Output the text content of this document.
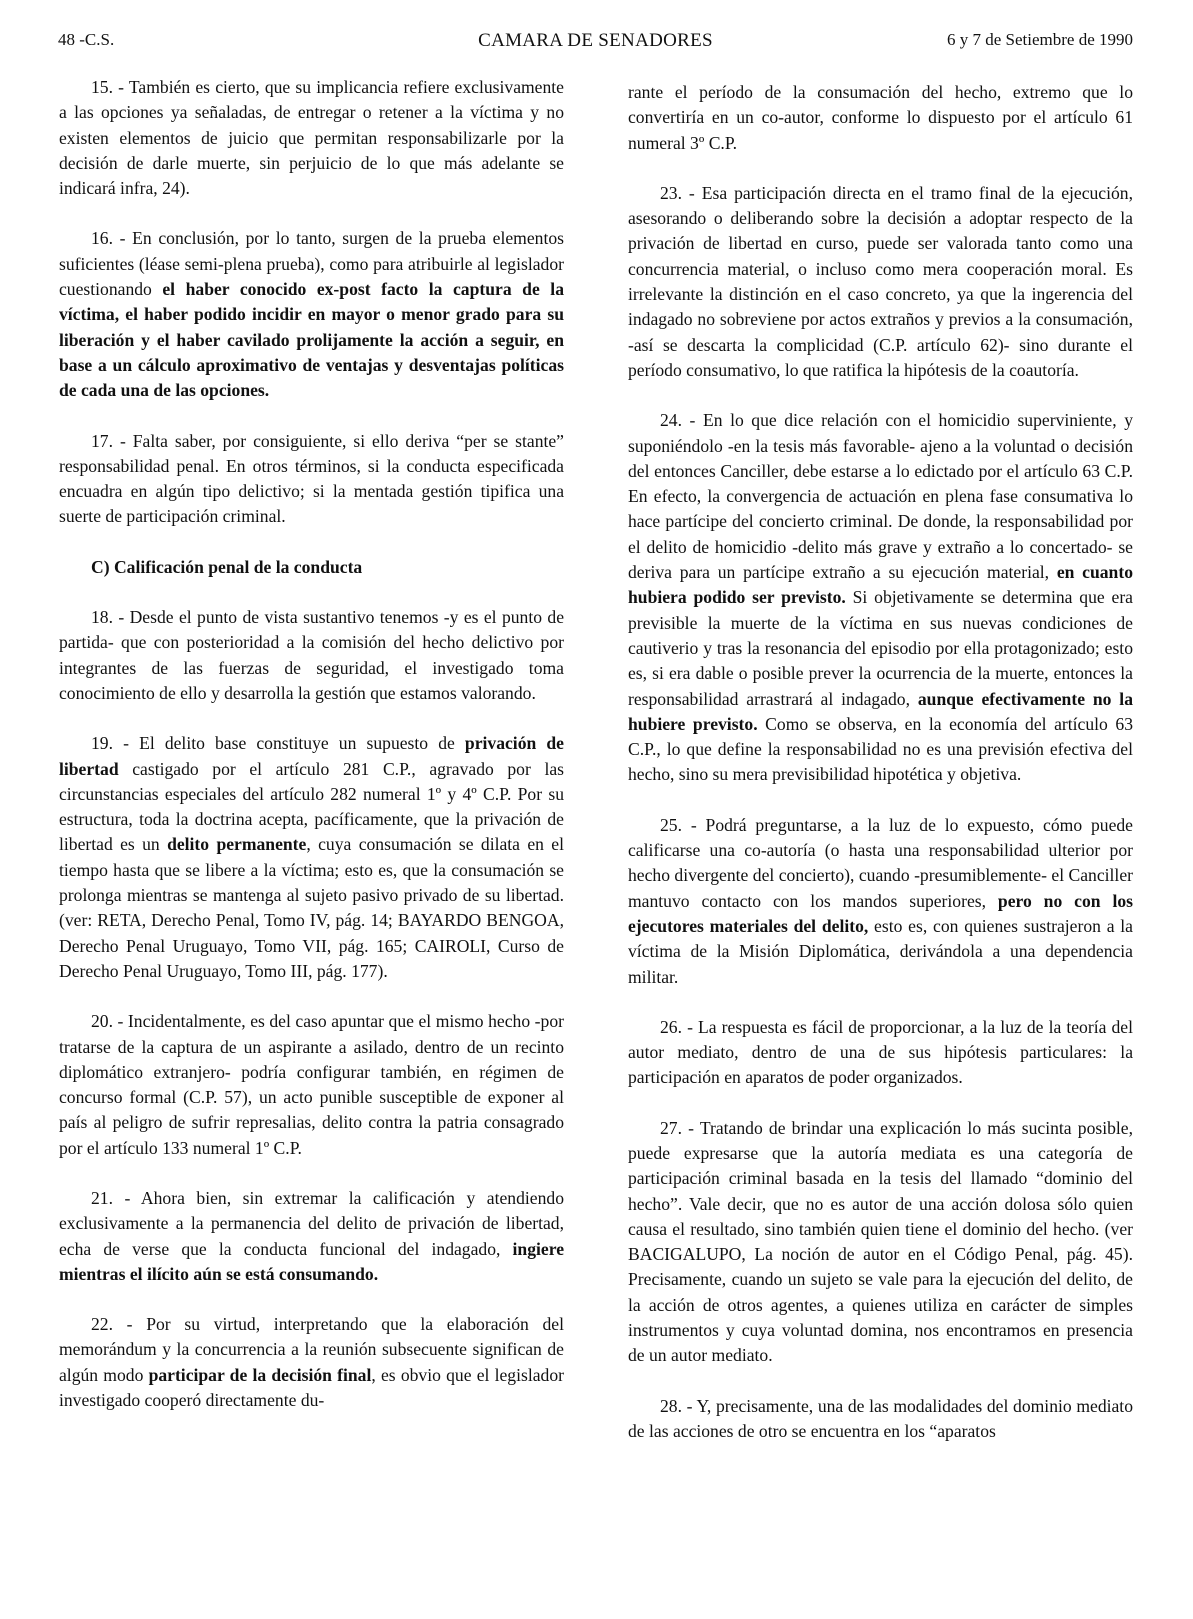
48 -C.S.	CAMARA DE SENADORES	6 y 7 de Setiembre de 1990

15. - También es cierto, que su implicancia refiere exclusivamente a las opciones ya señaladas, de entregar o retener a la víctima y no existen elementos de juicio que permitan responsabilizarle por la decisión de darle muerte, sin perjuicio de lo que más adelante se indicará infra, 24).

16. - En conclusión, por lo tanto, surgen de la prueba elementos suficientes (léase semi-plena prueba), como para atribuirle al legislador cuestionando el haber conocido ex-post facto la captura de la víctima, el haber podido incidir en mayor o menor grado para su liberación y el haber cavilado prolijamente la acción a seguir, en base a un cálculo aproximativo de ventajas y desventajas políticas de cada una de las opciones.

17. - Falta saber, por consiguiente, si ello deriva “per se stante” responsabilidad penal. En otros términos, si la conducta especificada encuadra en algún tipo delictivo; si la mentada gestión tipifica una suerte de participación criminal.

C) Calificación penal de la conducta

18. - Desde el punto de vista sustantivo tenemos -y es el punto de partida- que con posterioridad a la comisión del hecho delictivo por integrantes de las fuerzas de seguridad, el investigado toma conocimiento de ello y desarrolla la gestión que estamos valorando.

19. - El delito base constituye un supuesto de privación de libertad castigado por el artículo 281 C.P., agravado por las circunstancias especiales del artículo 282 numeral 1º y 4º C.P. Por su estructura, toda la doctrina acepta, pacíficamente, que la privación de libertad es un delito permanente, cuya consumación se dilata en el tiempo hasta que se libere a la víctima; esto es, que la consumación se prolonga mientras se mantenga al sujeto pasivo privado de su libertad. (ver: RETA, Derecho Penal, Tomo IV, pág. 14; BAYARDO BENGOA, Derecho Penal Uruguayo, Tomo VII, pág. 165; CAIROLI, Curso de Derecho Penal Uruguayo, Tomo III, pág. 177).

20. - Incidentalmente, es del caso apuntar que el mismo hecho -por tratarse de la captura de un aspirante a asilado, dentro de un recinto diplomático extranjero- podría configurar también, en régimen de concurso formal (C.P. 57), un acto punible susceptible de exponer al país al peligro de sufrir represalias, delito contra la patria consagrado por el artículo 133 numeral 1º C.P.

21. - Ahora bien, sin extremar la calificación y atendiendo exclusivamente a la permanencia del delito de privación de libertad, echa de verse que la conducta funcional del indagado, ingiere mientras el ilícito aún se está consumando.

22. - Por su virtud, interpretando que la elaboración del memorándum y la concurrencia a la reunión subsecuente significan de algún modo participar de la decisión final, es obvio que el legislador investigado cooperó directamente du-

rante el período de la consumación del hecho, extremo que lo convertiría en un co-autor, conforme lo dispuesto por el artículo 61 numeral 3º C.P.

23. - Esa participación directa en el tramo final de la ejecución, asesorando o deliberando sobre la decisión a adoptar respecto de la privación de libertad en curso, puede ser valorada tanto como una concurrencia material, o incluso como mera cooperación moral. Es irrelevante la distinción en el caso concreto, ya que la ingerencia del indagado no sobreviene por actos extraños y previos a la consumación, -así se descarta la complicidad (C.P. artículo 62)- sino durante el período consumativo, lo que ratifica la hipótesis de la coautoría.

24. - En lo que dice relación con el homicidio superviniente, y suponiéndolo -en la tesis más favorable- ajeno a la voluntad o decisión del entonces Canciller, debe estarse a lo edictado por el artículo 63 C.P. En efecto, la convergencia de actuación en plena fase consumativa lo hace partícipe del concierto criminal. De donde, la responsabilidad por el delito de homicidio -delito más grave y extraño a lo concertado- se deriva para un partícipe extraño a su ejecución material, en cuanto hubiera podido ser previsto. Si objetivamente se determina que era previsible la muerte de la víctima en sus nuevas condiciones de cautiverio y tras la resonancia del episodio por ella protagonizado; esto es, si era dable o posible prever la ocurrencia de la muerte, entonces la responsabilidad arrastrará al indagado, aunque efectivamente no la hubiere previsto. Como se observa, en la economía del artículo 63 C.P., lo que define la responsabilidad no es una previsión efectiva del hecho, sino su mera previsibilidad hipotética y objetiva.

25. - Podrá preguntarse, a la luz de lo expuesto, cómo puede calificarse una co-autoría (o hasta una responsabilidad ulterior por hecho divergente del concierto), cuando -presumiblemente- el Canciller mantuvo contacto con los mandos superiores, pero no con los ejecutores materiales del delito, esto es, con quienes sustrajeron a la víctima de la Misión Diplomática, derivándola a una dependencia militar.

26. - La respuesta es fácil de proporcionar, a la luz de la teoría del autor mediato, dentro de una de sus hipótesis particulares: la participación en aparatos de poder organizados.

27. - Tratando de brindar una explicación lo más sucinta posible, puede expresarse que la autoría mediata es una categoría de participación criminal basada en la tesis del llamado “dominio del hecho”. Vale decir, que no es autor de una acción dolosa sólo quien causa el resultado, sino también quien tiene el dominio del hecho. (ver BACIGALUPO, La noción de autor en el Código Penal, pág. 45). Precisamente, cuando un sujeto se vale para la ejecución del delito, de la acción de otros agentes, a quienes utiliza en carácter de simples instrumentos y cuya voluntad domina, nos encontramos en presencia de un autor mediato.

28. - Y, precisamente, una de las modalidades del dominio mediato de las acciones de otro se encuentra en los “aparatos
